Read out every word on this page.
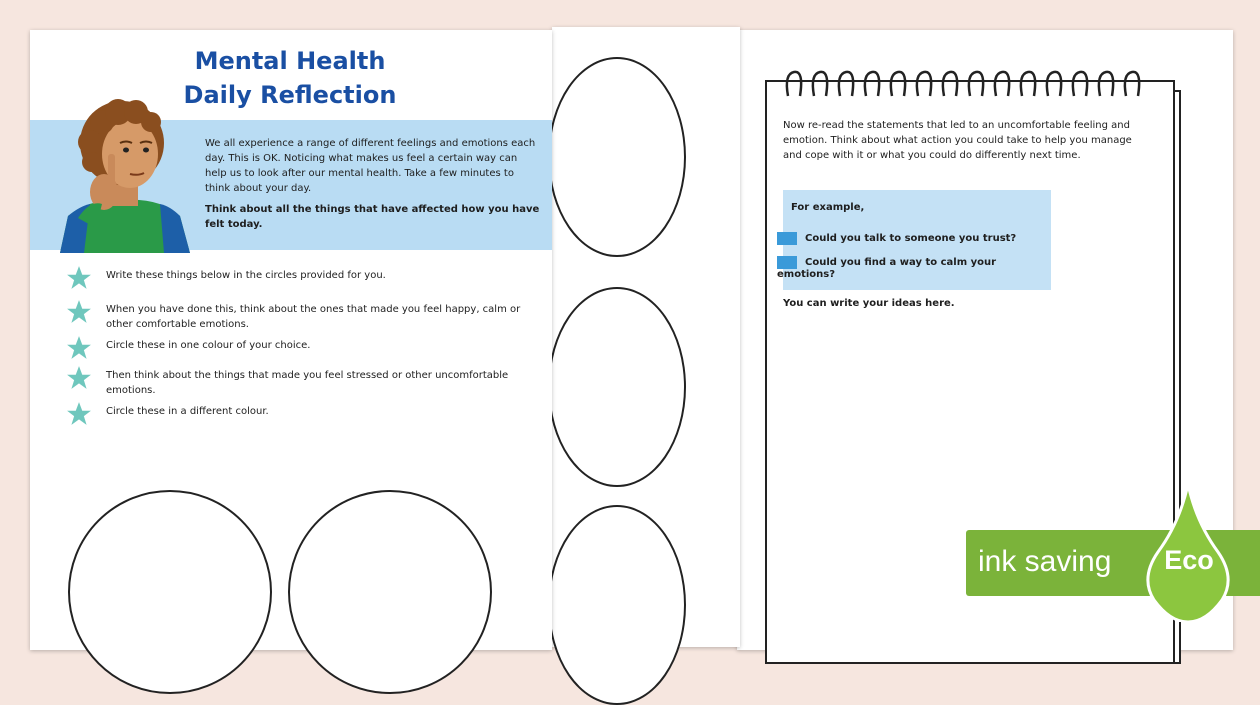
Mental Health
Daily Reflection

We all experience a range of different feelings and emotions each day. This is OK. Noticing what makes us feel a certain way can help us to look after our mental health. Take a few minutes to think about your day.

Think about all the things that have affected how you have felt today.

Write these things below in the circles provided for you.
When you have done this, think about the ones that made you feel happy, calm or other comfortable emotions.
Circle these in one colour of your choice.
Then think about the things that made you feel stressed or other uncomfortable emotions.
Circle these in a different colour.
Now re-read the statements that led to an uncomfortable feeling and emotion. Think about what action you could take to help you manage and cope with it or what you could do differently next time.
For example,
Could you talk to someone you trust?
Could you find a way to calm your emotions?
You can write your ideas here.
ink saving	Eco
